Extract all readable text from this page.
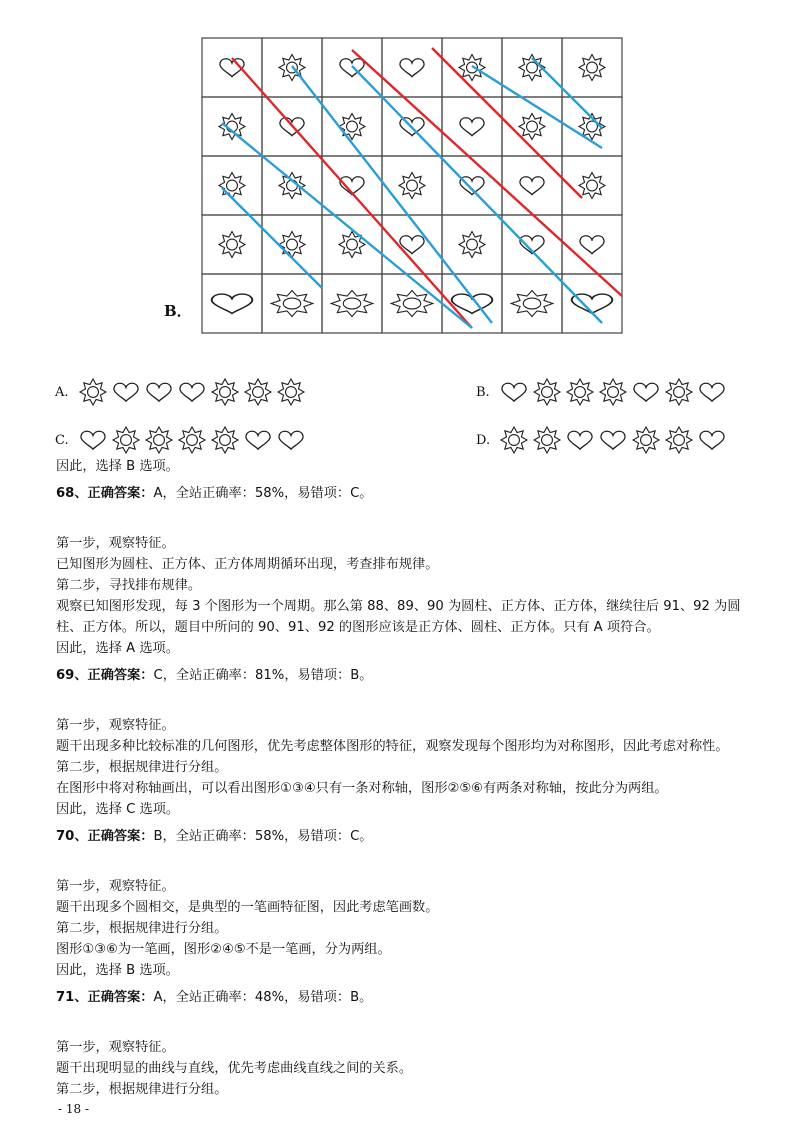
B．
A.	B.
C.	D.

因此，选择 B 选项。

68、正确答案：A，全站正确率：58%，易错项：C。

第一步，观察特征。

已知图形为圆柱、正方体、正方体周期循环出现，考查排布规律。

第二步，寻找排布规律。

观察已知图形发现，每 3 个图形为一个周期。那么第 88、89、90 为圆柱、正方体、正方体，继续往后 91、92 为圆柱、正方体。所以，题目中所问的 90、91、92 的图形应该是正方体、圆柱、正方体。只有 A 项符合。

因此，选择 A 选项。

69、正确答案：C，全站正确率：81%，易错项：B。

第一步，观察特征。

题干出现多种比较标准的几何图形，优先考虑整体图形的特征，观察发现每个图形均为对称图形，因此考虑对称性。

第二步，根据规律进行分组。

在图形中将对称轴画出，可以看出图形①③④只有一条对称轴，图形②⑤⑥有两条对称轴，按此分为两组。

因此，选择 C 选项。

70、正确答案：B，全站正确率：58%，易错项：C。

第一步，观察特征。

题干出现多个圆相交，是典型的一笔画特征图，因此考虑笔画数。

第二步，根据规律进行分组。

图形①③⑥为一笔画，图形②④⑤不是一笔画，分为两组。

因此，选择 B 选项。

71、正确答案：A，全站正确率：48%，易错项：B。

第一步，观察特征。

题干出现明显的曲线与直线，优先考虑曲线直线之间的关系。

第二步，根据规律进行分组。

- 18 -
